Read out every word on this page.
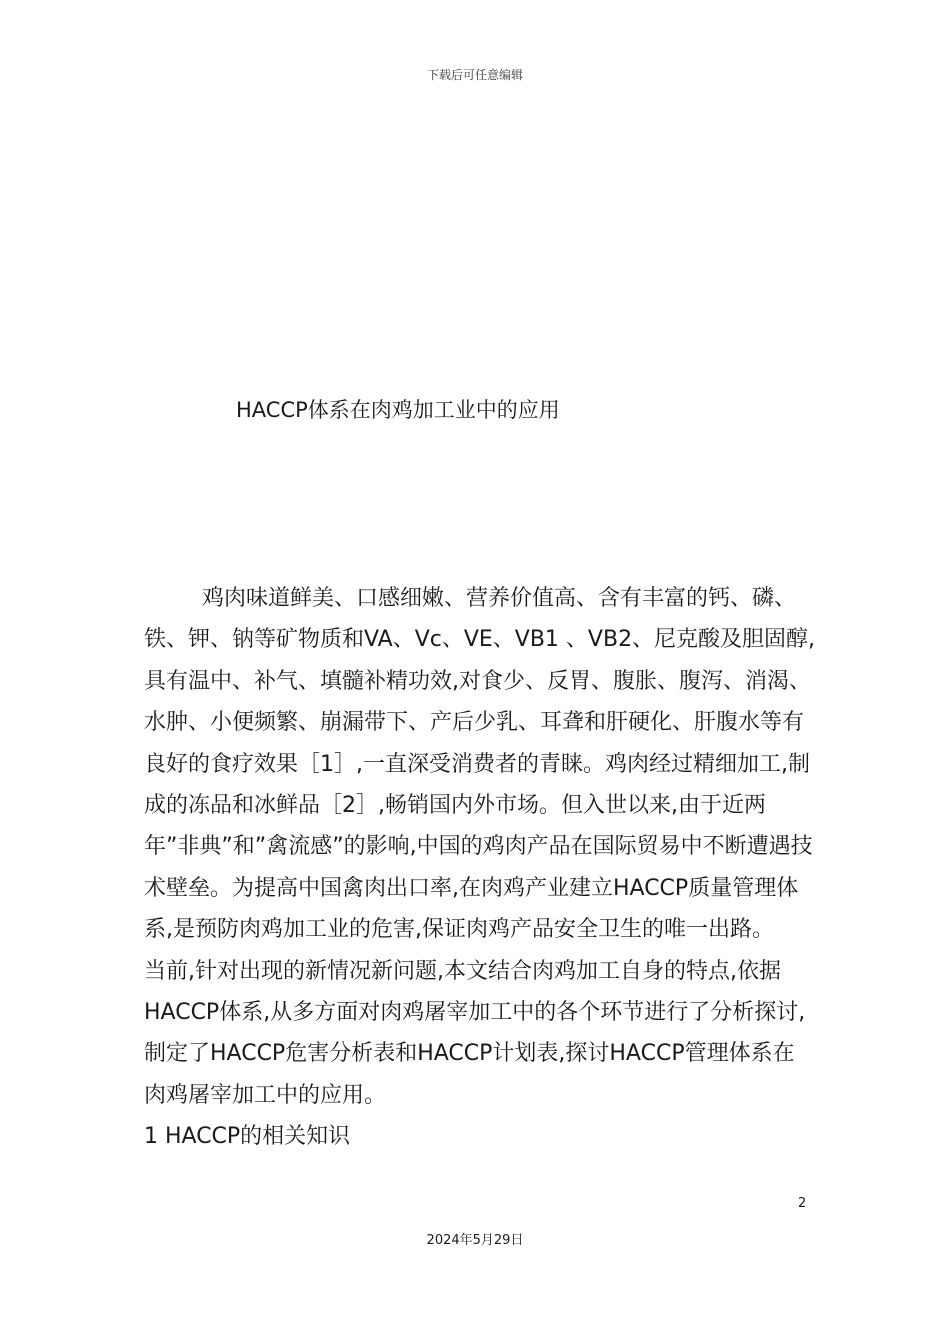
下载后可任意编辑
HACCP体系在肉鸡加工业中的应用

鸡肉味道鲜美、口感细嫩、营养价值高、含有丰富的钙、磷、铁、钾、钠等矿物质和VA、Vc、VE、VB1 、VB2、尼克酸及胆固醇,具有温中、补气、填髓补精功效,对食少、反胃、腹胀、腹泻、消渴、水肿、小便频繁、崩漏带下、产后少乳、耳聋和肝硬化、肝腹水等有良好的食疗效果［1］,一直深受消费者的青睐。鸡肉经过精细加工,制成的冻品和冰鲜品［2］,畅销国内外市场。但入世以来,由于近两年”非典”和”禽流感”的影响,中国的鸡肉产品在国际贸易中不断遭遇技术壁垒。为提高中国禽肉出口率,在肉鸡产业建立HACCP质量管理体系,是预防肉鸡加工业的危害,保证肉鸡产品安全卫生的唯一出路。

当前,针对出现的新情况新问题,本文结合肉鸡加工自身的特点,依据HACCP体系,从多方面对肉鸡屠宰加工中的各个环节进行了分析探讨,制定了HACCP危害分析表和HACCP计划表,探讨HACCP管理体系在肉鸡屠宰加工中的应用。

1 HACCP的相关知识

2
2024年5月29日
